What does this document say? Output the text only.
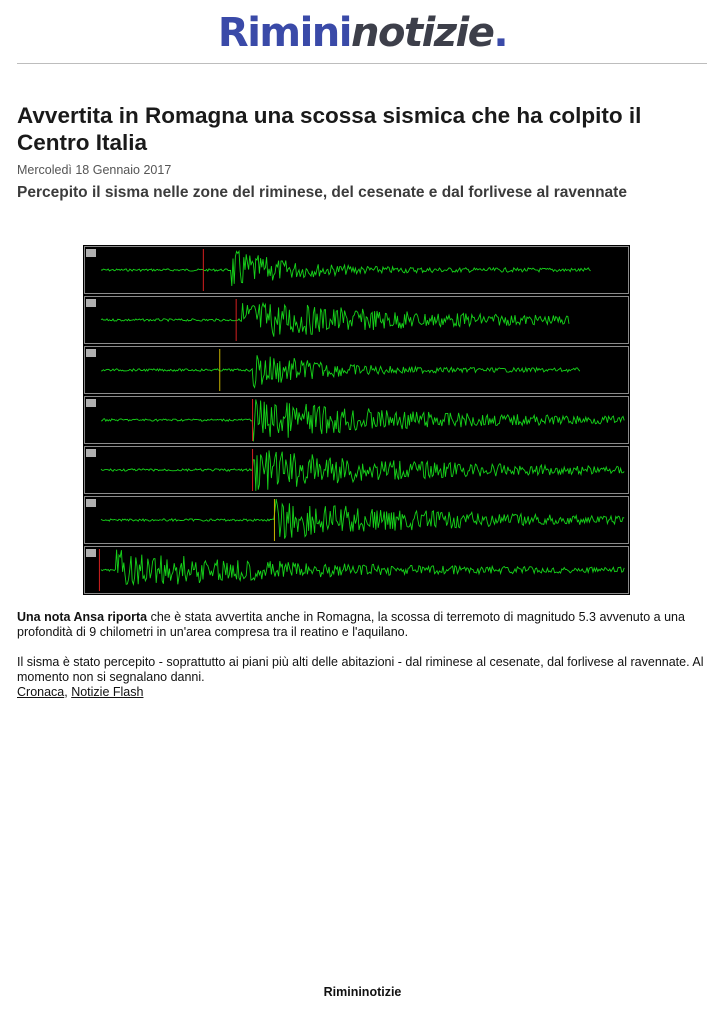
Rimininotizie.
Avvertita in Romagna una scossa sismica che ha colpito il Centro Italia
Mercoledì 18 Gennaio 2017
Percepito il sisma nelle zone del riminese, del cesenate e dal forlivese al ravennate

Una nota Ansa riporta che è stata avvertita anche in Romagna, la scossa di terremoto di magnitudo 5.3 avvenuto a una profondità di 9 chilometri in un'area compresa tra il reatino e l'aquilano.

Il sisma è stato percepito - soprattutto ai piani più alti delle abitazioni - dal riminese al cesenate, dal forlivese al ravennate. Al momento non si segnalano danni.

Cronaca, Notizie Flash

Rimininotizie
